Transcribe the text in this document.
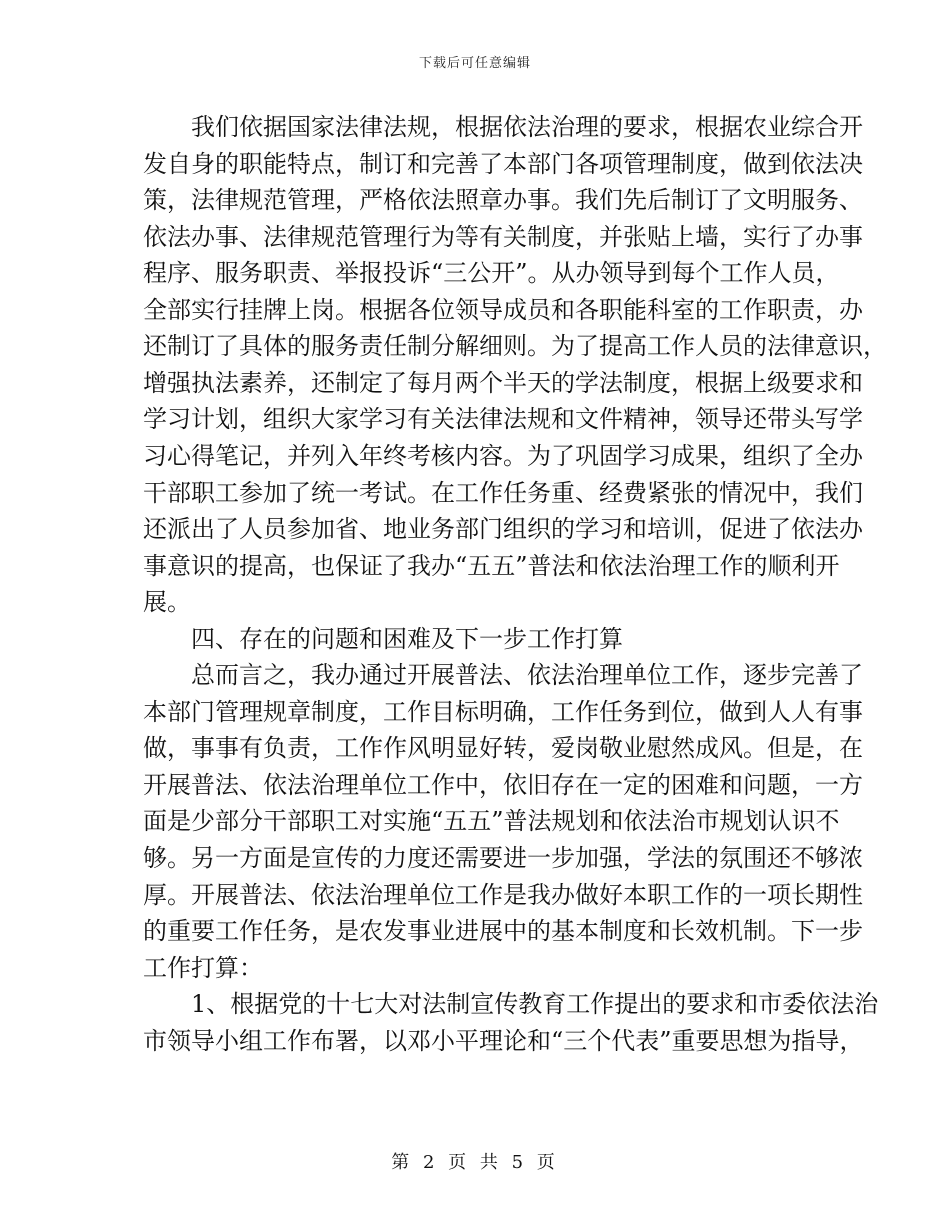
下载后可任意编辑
　　我们依据国家法律法规，根据依法治理的要求，根据农业综合开
发自身的职能特点，制订和完善了本部门各项管理制度，做到依法决
策，法律规范管理，严格依法照章办事。我们先后制订了文明服务、
依法办事、法律规范管理行为等有关制度，并张贴上墙，实行了办事
程序、服务职责、举报投诉“三公开”。从办领导到每个工作人员，
全部实行挂牌上岗。根据各位领导成员和各职能科室的工作职责，办
还制订了具体的服务责任制分解细则。为了提高工作人员的法律意识，
增强执法素养，还制定了每月两个半天的学法制度，根据上级要求和
学习计划，组织大家学习有关法律法规和文件精神，领导还带头写学
习心得笔记，并列入年终考核内容。为了巩固学习成果，组织了全办
干部职工参加了统一考试。在工作任务重、经费紧张的情况中，我们
还派出了人员参加省、地业务部门组织的学习和培训，促进了依法办
事意识的提高，也保证了我办“五五”普法和依法治理工作的顺利开
展。
　　四、存在的问题和困难及下一步工作打算
　　总而言之，我办通过开展普法、依法治理单位工作，逐步完善了
本部门管理规章制度，工作目标明确，工作任务到位，做到人人有事
做，事事有负责，工作作风明显好转，爱岗敬业慰然成风。但是，在
开展普法、依法治理单位工作中，依旧存在一定的困难和问题，一方
面是少部分干部职工对实施“五五”普法规划和依法治市规划认识不
够。另一方面是宣传的力度还需要进一步加强，学法的氛围还不够浓
厚。开展普法、依法治理单位工作是我办做好本职工作的一项长期性
的重要工作任务，是农发事业进展中的基本制度和长效机制。下一步
工作打算：
　　1、根据党的十七大对法制宣传教育工作提出的要求和市委依法治
市领导小组工作布署，以邓小平理论和“三个代表”重要思想为指导，
第 2 页 共 5 页
